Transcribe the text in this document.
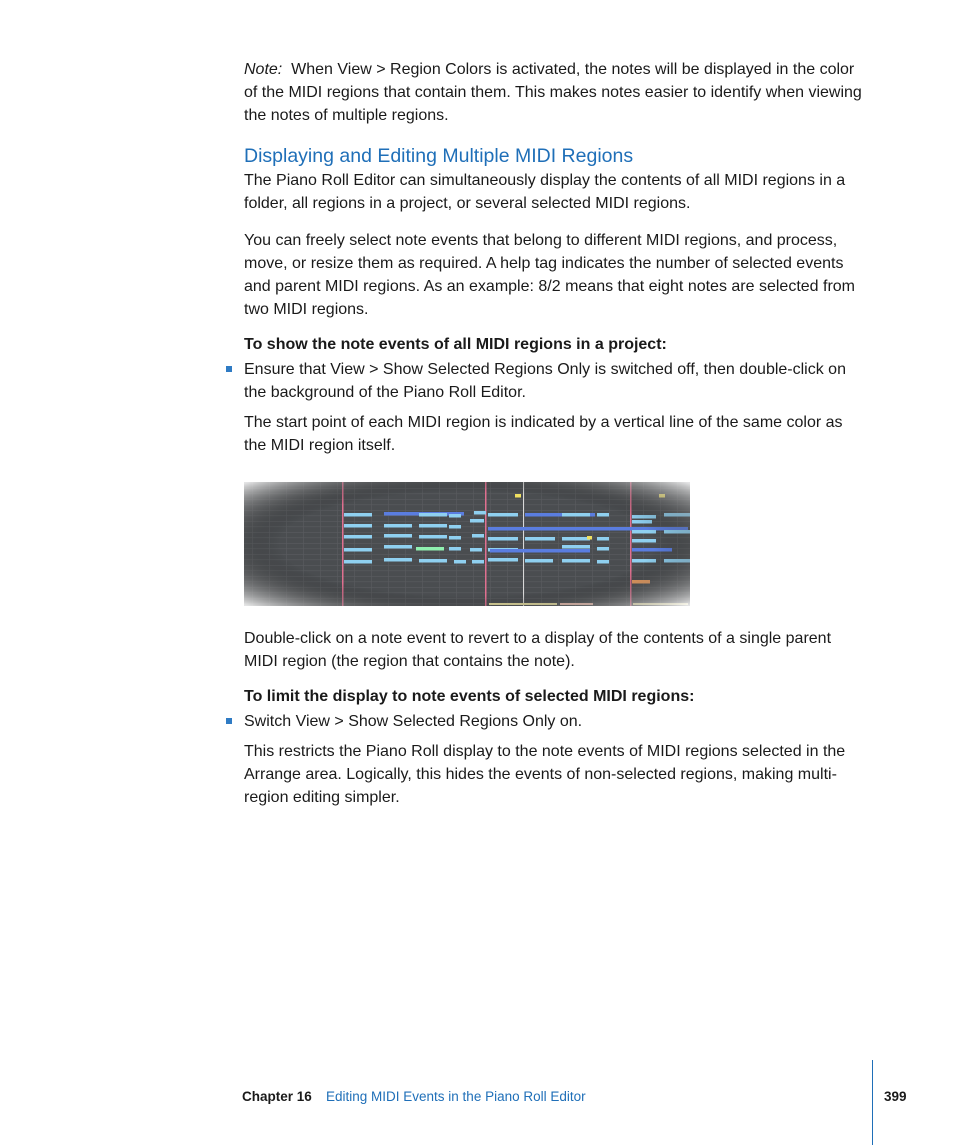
Note: When View > Region Colors is activated, the notes will be displayed in the color of the MIDI regions that contain them. This makes notes easier to identify when viewing the notes of multiple regions.

Displaying and Editing Multiple MIDI Regions

The Piano Roll Editor can simultaneously display the contents of all MIDI regions in a folder, all regions in a project, or several selected MIDI regions.

You can freely select note events that belong to different MIDI regions, and process, move, or resize them as required. A help tag indicates the number of selected events and parent MIDI regions. As an example: 8/2 means that eight notes are selected from two MIDI regions.

To show the note events of all MIDI regions in a project:

Ensure that View > Show Selected Regions Only is switched off, then double-click on the background of the Piano Roll Editor.

The start point of each MIDI region is indicated by a vertical line of the same color as the MIDI region itself.

Double-click on a note event to revert to a display of the contents of a single parent MIDI region (the region that contains the note).

To limit the display to note events of selected MIDI regions:

Switch View > Show Selected Regions Only on.

This restricts the Piano Roll display to the note events of MIDI regions selected in the Arrange area. Logically, this hides the events of non-selected regions, making multi-region editing simpler.

Chapter 16 Editing MIDI Events in the Piano Roll Editor	399
